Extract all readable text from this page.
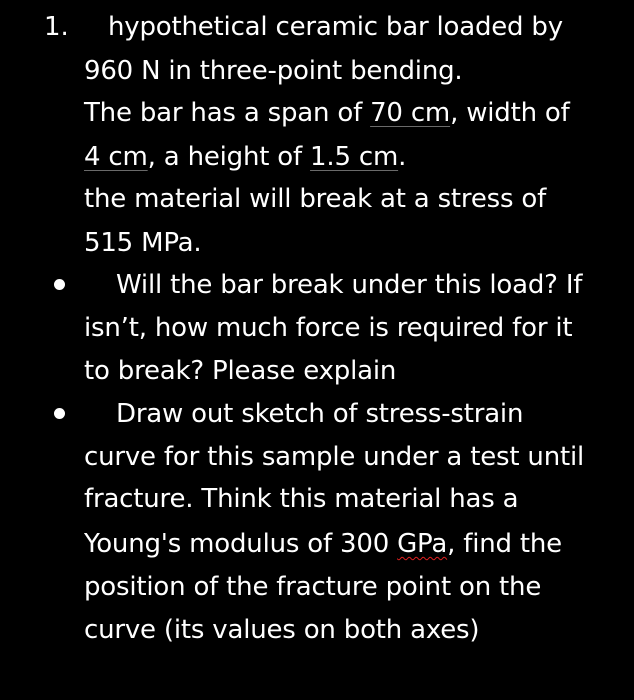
1. hypothetical ceramic bar loaded by
960 N in three-point bending.
The bar has a span of 70 cm, width of
4 cm, a height of 1.5 cm.
the material will break at a stress of
515 MPa.
Will the bar break under this load? If
isn’t, how much force is required for it
to break? Please explain
Draw out sketch of stress-strain
curve for this sample under a test until
fracture. Think this material has a
Young's modulus of 300 GPa, find the
position of the fracture point on the
curve (its values on both axes)
